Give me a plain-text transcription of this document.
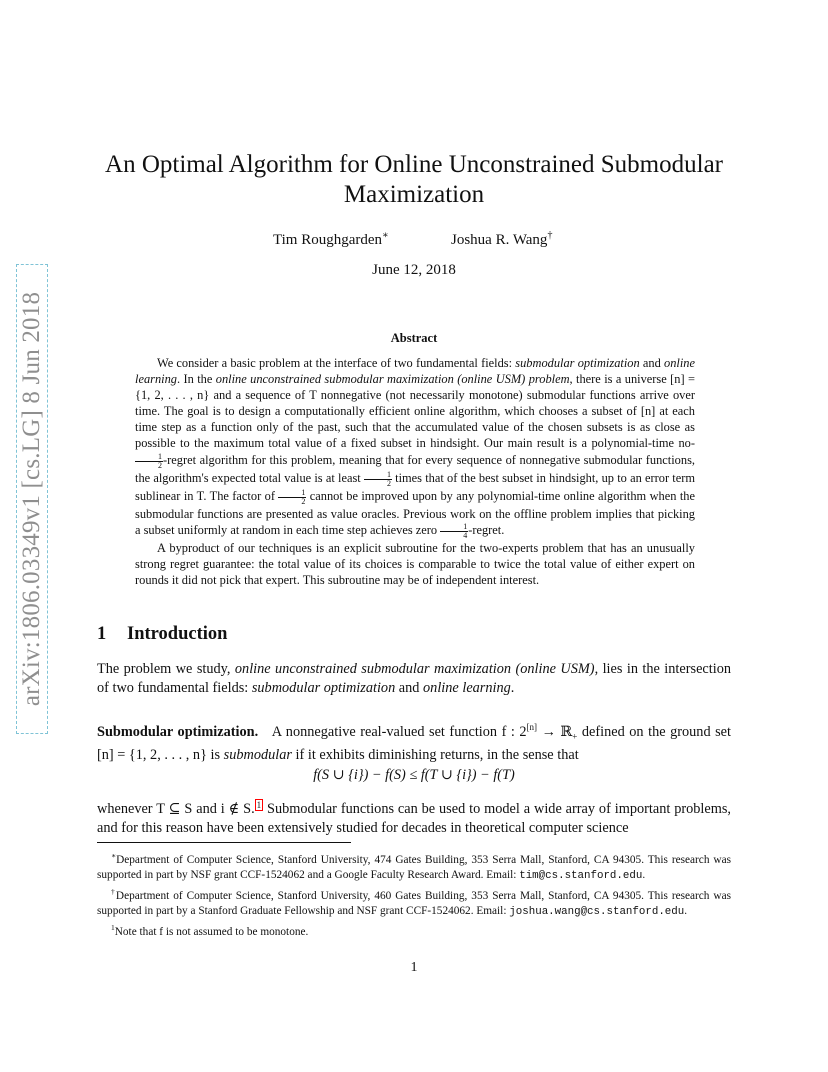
arXiv:1806.03349v1 [cs.LG] 8 Jun 2018
An Optimal Algorithm for Online Unconstrained Submodular
Maximization
Tim Roughgarden∗	Joshua R. Wang†
June 12, 2018
Abstract

We consider a basic problem at the interface of two fundamental fields: submodular optimization and online learning. In the online unconstrained submodular maximization (online USM) problem, there is a universe [n] = {1, 2, . . . , n} and a sequence of T nonnegative (not necessarily monotone) submodular functions arrive over time. The goal is to design a computationally efficient online algorithm, which chooses a subset of [n] at each time step as a function only of the past, such that the accumulated value of the chosen subsets is as close as possible to the maximum total value of a fixed subset in hindsight. Our main result is a polynomial-time no-
$\frac{1}{2}$ -regret algorithm for this problem, meaning that for every sequence of nonnegative submodular functions, the algorithm's expected total value is at least $\frac{1}{2}$ times that of the best subset in hindsight, up to an error term sublinear in T. The factor of $\frac{1}{2}$ cannot be improved upon by any polynomial-time online algorithm when the submodular functions are presented as value oracles. Previous work on the offline problem implies that picking a subset uniformly at random in each time step achieves zero $\frac{1}{4}$ -regret.

A byproduct of our techniques is an explicit subroutine for the two-experts problem that has an unusually strong regret guarantee: the total value of its choices is comparable to twice the total value of either expert on rounds it did not pick that expert. This subroutine may be of independent interest.

1 Introduction

The problem we study, online unconstrained submodular maximization (online USM), lies in the intersection of two fundamental fields: submodular optimization and online learning.

Submodular optimization. A nonnegative real-valued set function f : 2[n] → ℝ$_+$ defined on the ground set [n] = {1, 2, . . . , n} is submodular if it exhibits diminishing returns, in the sense that

f(S ∪ {i}) − f(S) ≤ f(T ∪ {i}) − f(T)

whenever T ⊆ S and i ∉ S. $^1$ Submodular functions can be used to model a wide array of important problems, and for this reason have been extensively studied for decades in theoretical computer science

∗Department of Computer Science, Stanford University, 474 Gates Building, 353 Serra Mall, Stanford, CA 94305. This research was supported in part by NSF grant CCF-1524062 and a Google Faculty Research Award. Email: tim@cs.stanford.edu.

†Department of Computer Science, Stanford University, 460 Gates Building, 353 Serra Mall, Stanford, CA 94305. This research was supported in part by a Stanford Graduate Fellowship and NSF grant CCF-1524062. Email: joshua.wang@cs.stanford.edu.

$^1$Note that f is not assumed to be monotone.

1
